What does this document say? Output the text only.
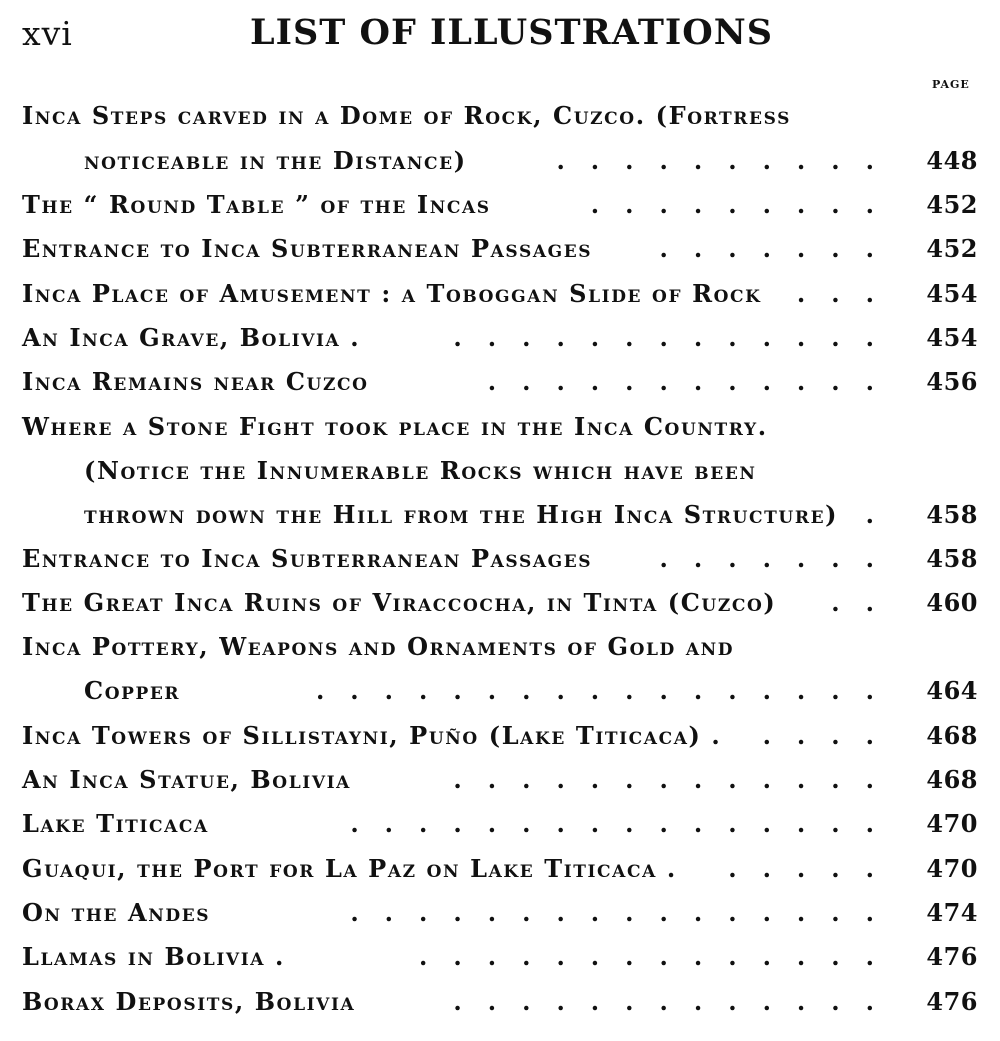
xvi	LIST OF ILLUSTRATIONS
PAGE
Inca Steps carved in a Dome of Rock, Cuzco. (Fortress
noticeable in the Distance)	.......... 448
The “ Round Table ” of the Incas	......... 452
Entrance to Inca Subterranean Passages	....... 452
Inca Place of Amusement : a Toboggan Slide of Rock	... 454
An Inca Grave, Bolivia .	............. 454
Inca Remains near Cuzco	............ 456
Where a Stone Fight took place in the Inca Country.
(Notice the Innumerable Rocks which have been
thrown down the Hill from the High Inca Structure)	. 458
Entrance to Inca Subterranean Passages	....... 458
The Great Inca Ruins of Viraccocha, in Tinta (Cuzco)	.. 460
Inca Pottery, Weapons and Ornaments of Gold and
Copper	................. 464
Inca Towers of Sillistayni, Puño (Lake Titicaca) .	.... 468
An Inca Statue, Bolivia	............. 468
Lake Titicaca	................ 470
Guaqui, the Port for La Paz on Lake Titicaca .	..... 470
On the Andes	................ 474
Llamas in Bolivia .	.............. 476
Borax Deposits, Bolivia	............. 476
